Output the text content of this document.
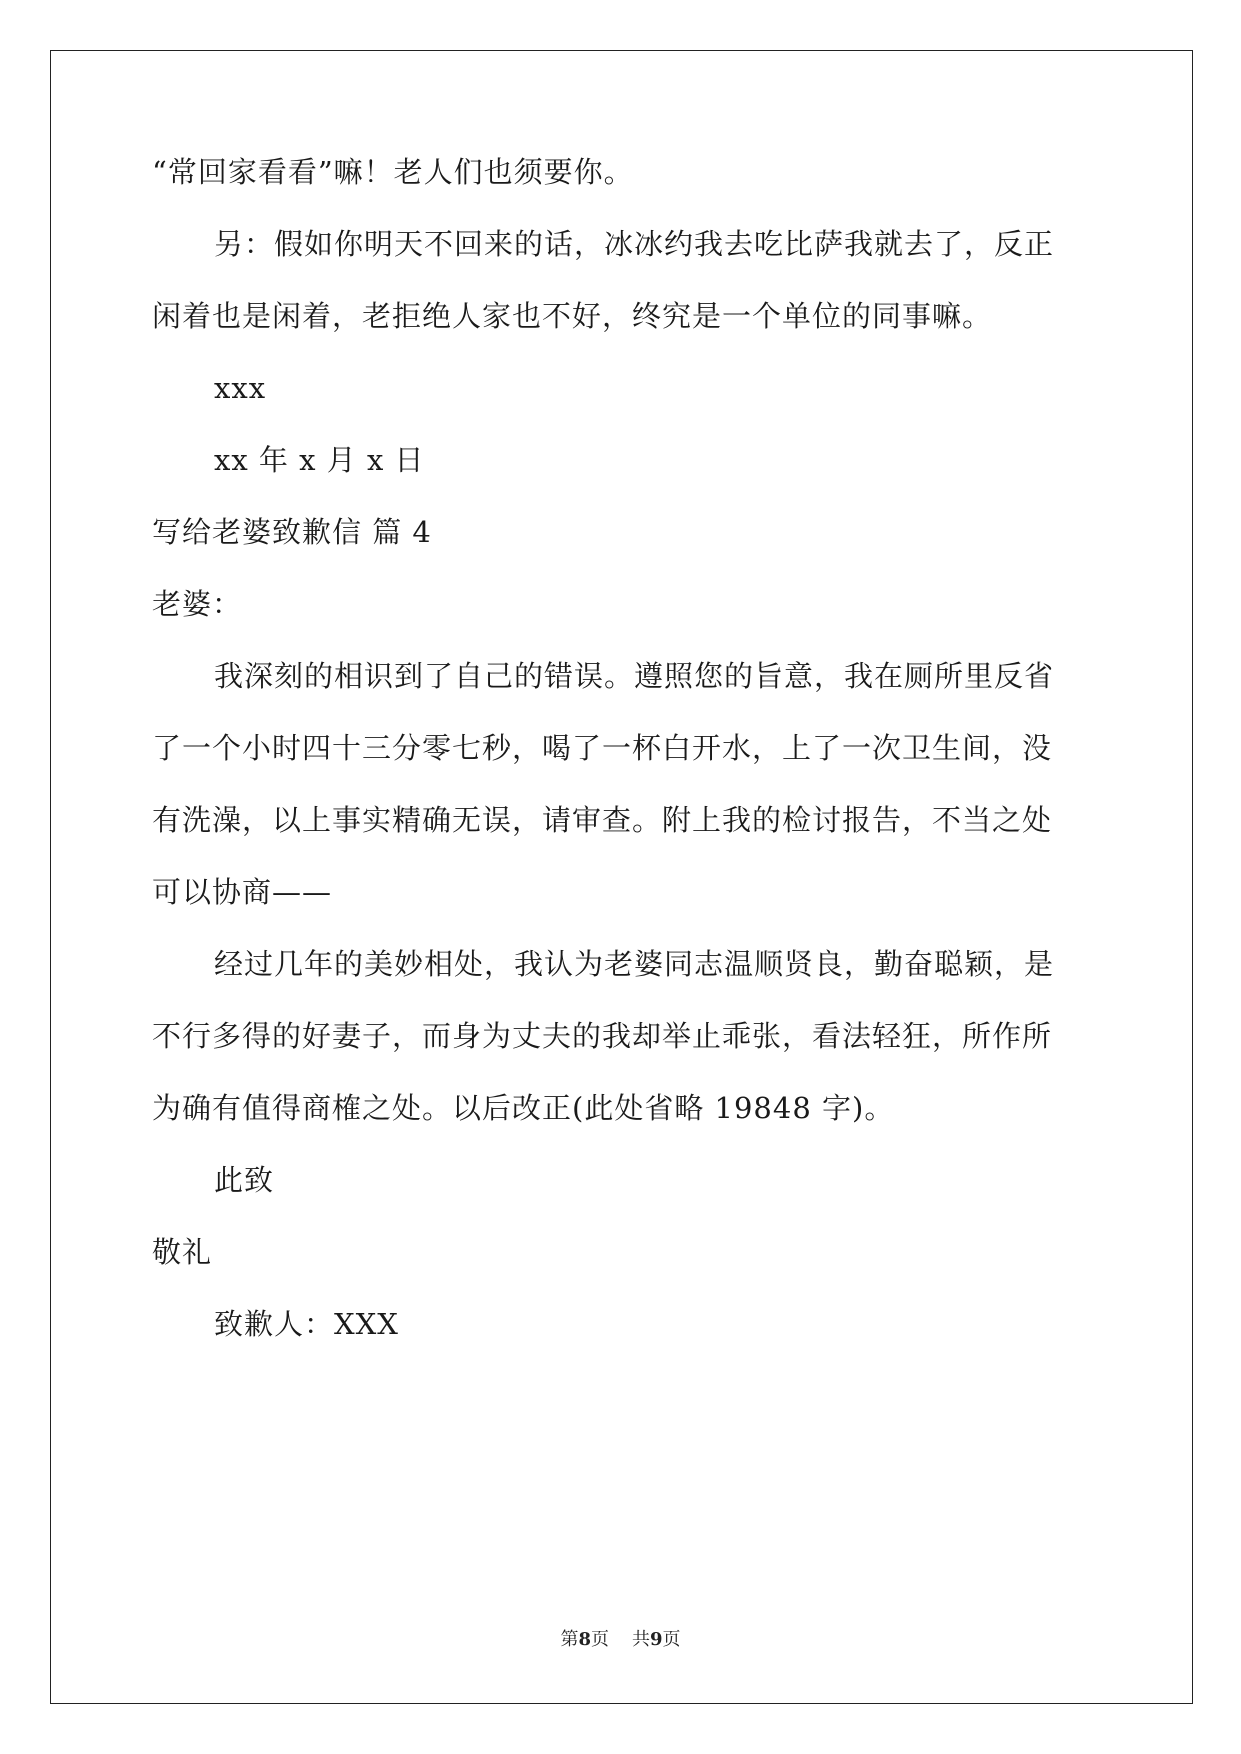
“常回家看看”嘛！老人们也须要你。
另：假如你明天不回来的话，冰冰约我去吃比萨我就去了，反正
闲着也是闲着，老拒绝人家也不好，终究是一个单位的同事嘛。
xxx
xx 年 x 月 x 日
写给老婆致歉信 篇 4
老婆：
我深刻的相识到了自己的错误。遵照您的旨意，我在厕所里反省
了一个小时四十三分零七秒，喝了一杯白开水，上了一次卫生间，没
有洗澡，以上事实精确无误，请审查。附上我的检讨报告，不当之处
可以协商——
经过几年的美妙相处，我认为老婆同志温顺贤良，勤奋聪颖，是
不行多得的好妻子，而身为丈夫的我却举止乖张，看法轻狂，所作所
为确有值得商榷之处。以后改正(此处省略 19848 字)。
此致
敬礼
致歉人：XXX
第8页 共9页
